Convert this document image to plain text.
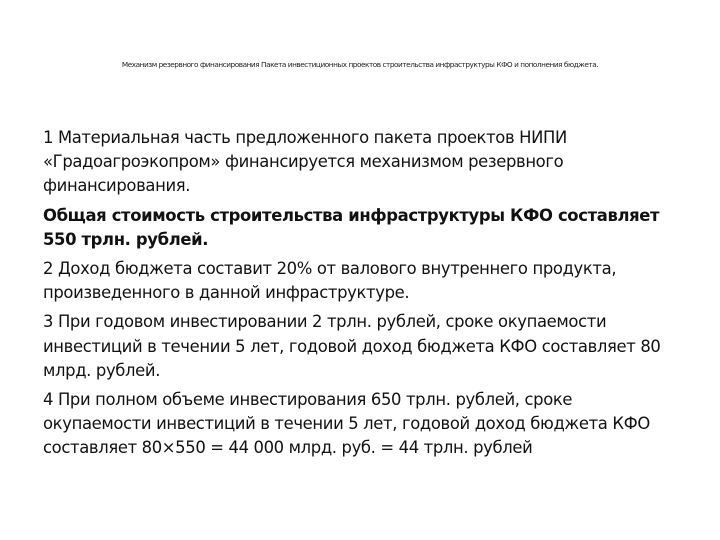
Механизм резервного финансирования Пакета инвестиционных проектов строительства инфраструктуры КФО и пополнения бюджета.

1 Материальная часть предложенного пакета проектов НИПИ «Градоагроэкопром» финансируется механизмом резервного финансирования.

Общая стоимость строительства инфраструктуры КФО составляет 550 трлн. рублей.

2 Доход бюджета составит 20% от валового внутреннего продукта, произведенного в данной инфраструктуре.

3 При годовом инвестировании 2 трлн. рублей, сроке окупаемости инвестиций в течении 5 лет, годовой доход бюджета КФО составляет 80 млрд. рублей.

4 При полном объеме инвестирования 650 трлн. рублей, сроке окупаемости инвестиций в течении 5 лет, годовой доход бюджета КФО составляет 80×550 = 44 000 млрд. руб. = 44 трлн. рублей
